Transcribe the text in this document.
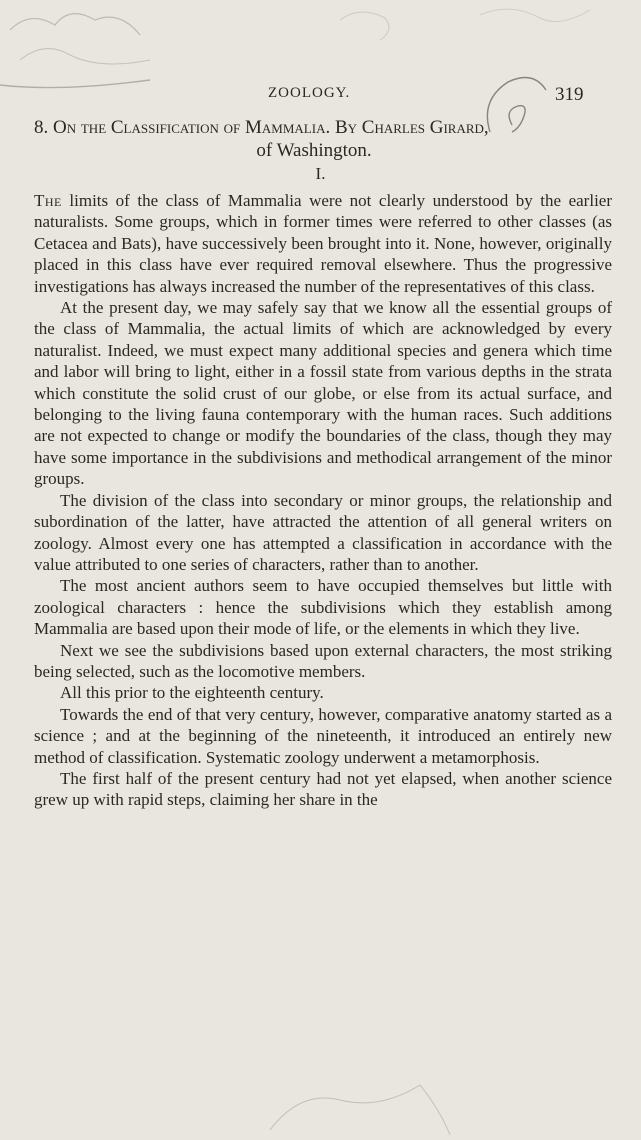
ZOOLOGY.	319
8. On the Classification of Mammalia. By Charles Girard,
of Washington.
I.

The limits of the class of Mammalia were not clearly understood by the earlier naturalists. Some groups, which in former times were referred to other classes (as Cetacea and Bats), have successively been brought into it. None, however, originally placed in this class have ever required removal elsewhere. Thus the progressive investigations has always increased the number of the representatives of this class.

At the present day, we may safely say that we know all the essential groups of the class of Mammalia, the actual limits of which are acknowledged by every naturalist. Indeed, we must expect many additional species and genera which time and labor will bring to light, either in a fossil state from various depths in the strata which constitute the solid crust of our globe, or else from its actual surface, and belonging to the living fauna contemporary with the human races. Such additions are not expected to change or modify the boundaries of the class, though they may have some importance in the subdivisions and methodical arrangement of the minor groups.

The division of the class into secondary or minor groups, the relationship and subordination of the latter, have attracted the attention of all general writers on zoology. Almost every one has attempted a classification in accordance with the value attributed to one series of characters, rather than to another.

The most ancient authors seem to have occupied themselves but little with zoological characters : hence the subdivisions which they establish among Mammalia are based upon their mode of life, or the elements in which they live.

Next we see the subdivisions based upon external characters, the most striking being selected, such as the locomotive members.

All this prior to the eighteenth century.

Towards the end of that very century, however, comparative anatomy started as a science ; and at the beginning of the nineteenth, it introduced an entirely new method of classification. Systematic zoology underwent a metamorphosis.

The first half of the present century had not yet elapsed, when another science grew up with rapid steps, claiming her share in the
